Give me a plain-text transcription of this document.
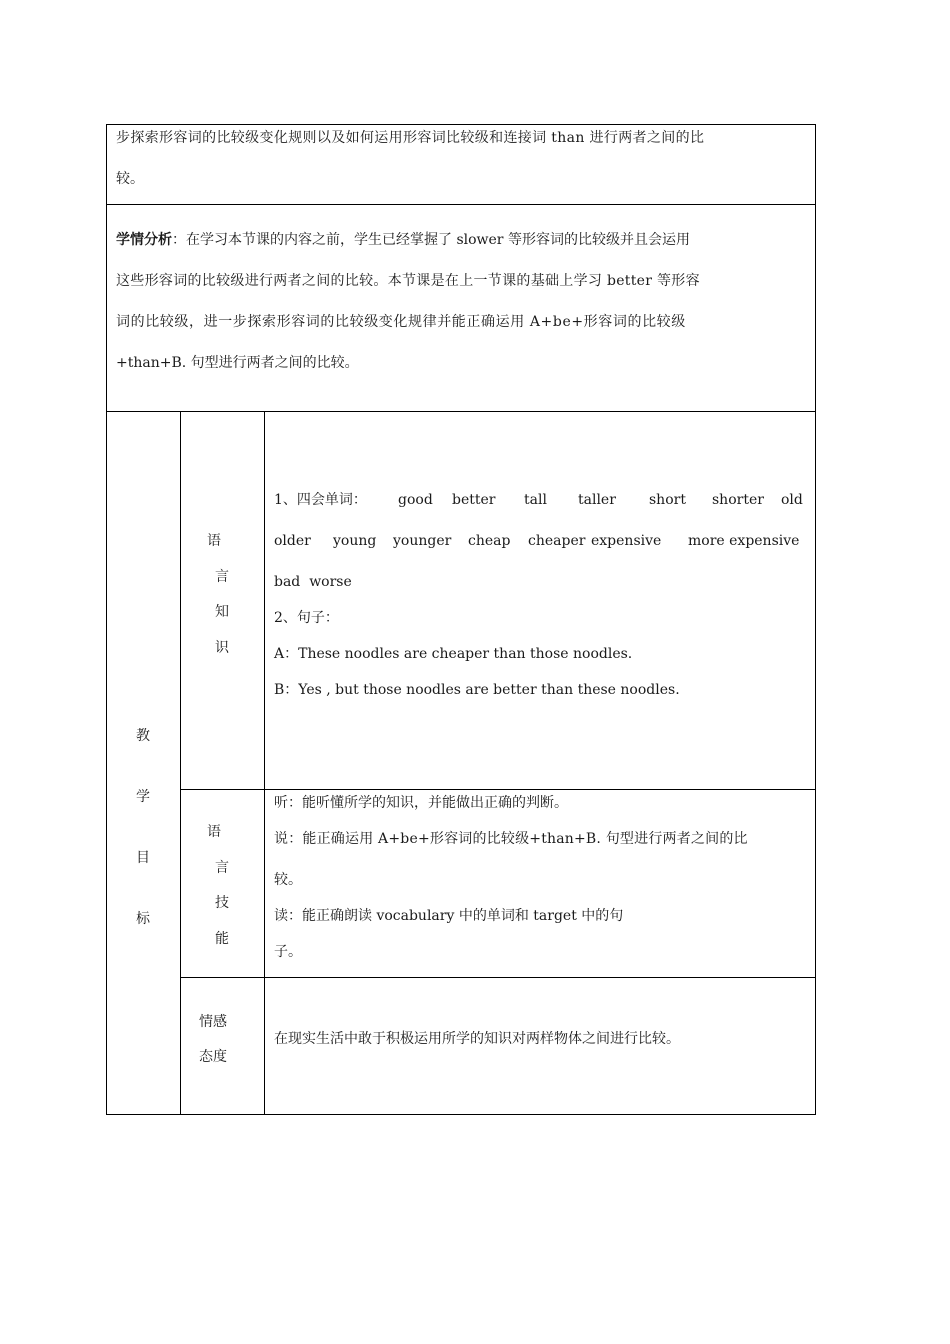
步探索形容词的比较级变化规则以及如何运用形容词比较级和连接词 than 进行两者之间的比
较。
学情分析：在学习本节课的内容之前，学生已经掌握了 slower 等形容词的比较级并且会运用
这些形容词的比较级进行两者之间的比较。本节课是在上一节课的基础上学习 better 等形容
词的比较级，进一步探索形容词的比较级变化规律并能正确运用 A+be+形容词的比较级
+than+B. 句型进行两者之间的比较。
教
学
目
标
语
言
知
识
1、四会单词： good better tall taller short shorter old
older young younger cheap cheaper expensive more expensive
bad worse
2、句子：
A：These noodles are cheaper than those noodles.
B：Yes , but those noodles are better than these noodles.
语
言
技
能
听：能听懂所学的知识，并能做出正确的判断。
说：能正确运用 A+be+形容词的比较级+than+B. 句型进行两者之间的比
较。
读：能正确朗读 vocabulary 中的单词和 target 中的句
子。
情感
态度
在现实生活中敢于积极运用所学的知识对两样物体之间进行比较。
